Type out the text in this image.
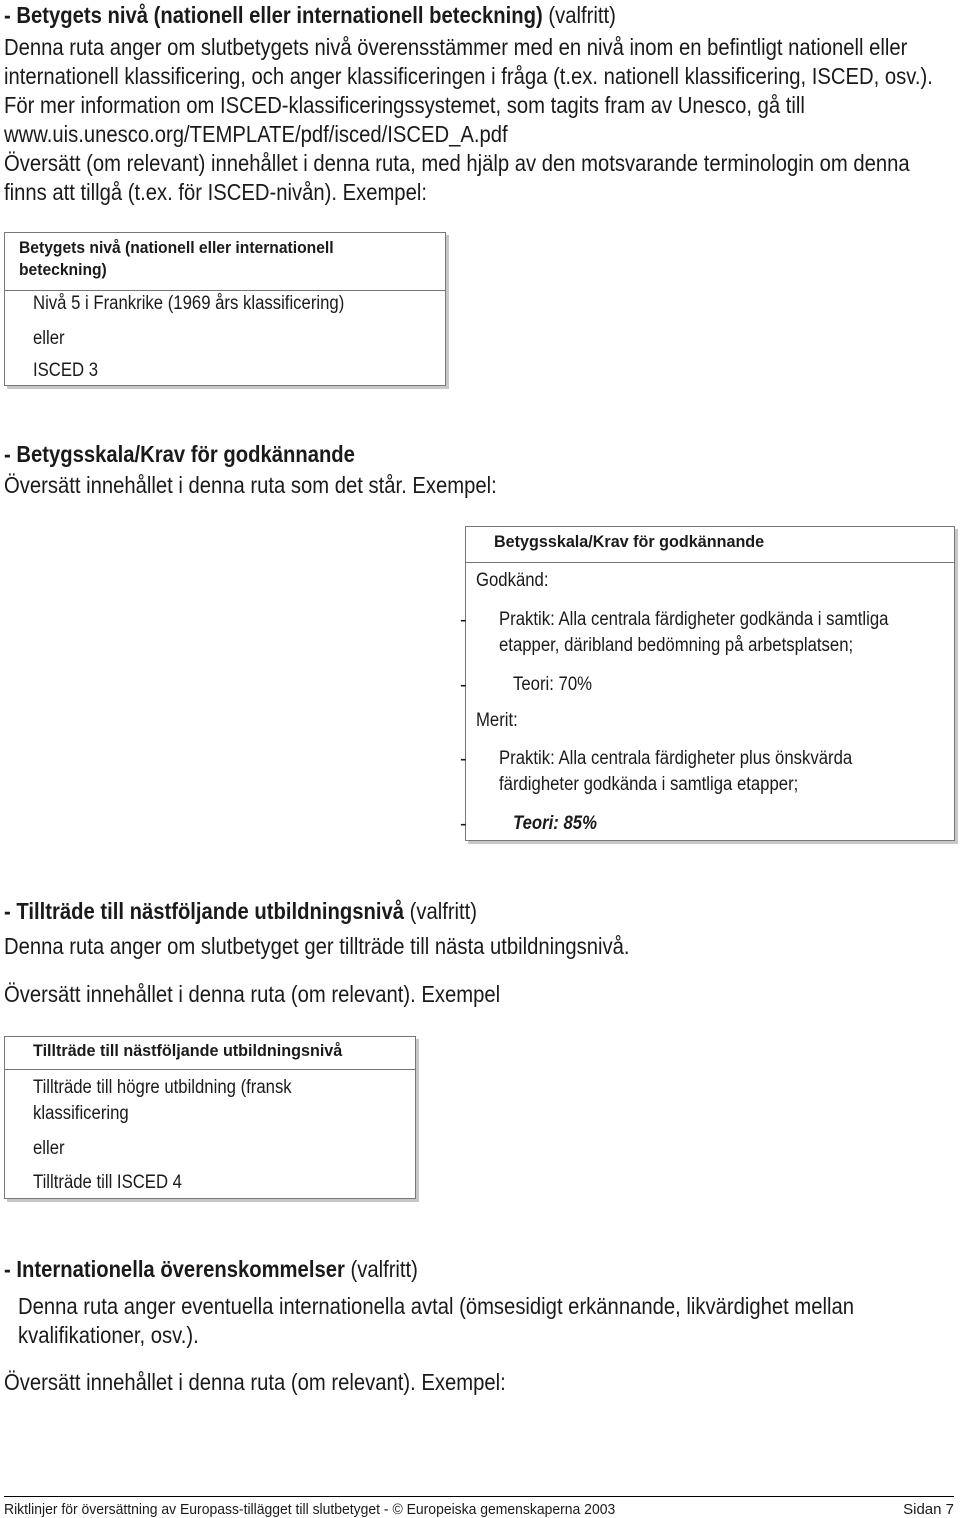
- Betygets nivå (nationell eller internationell beteckning) (valfritt)
Denna ruta anger om slutbetygets nivå överensstämmer med en nivå inom en befintligt nationell eller
internationell klassificering, och anger klassificeringen i fråga (t.ex. nationell klassificering, ISCED, osv.).
För mer information om ISCED-klassificeringssystemet, som tagits fram av Unesco, gå till
www.uis.unesco.org/TEMPLATE/pdf/isced/ISCED_A.pdf
Översätt (om relevant) innehållet i denna ruta, med hjälp av den motsvarande terminologin om denna
finns att tillgå (t.ex. för ISCED-nivån). Exempel:
Betygets nivå (nationell eller internationell
beteckning)
Nivå 5 i Frankrike (1969 års klassificering)
eller
ISCED 3
- Betygsskala/Krav för godkännande
Översätt innehållet i denna ruta som det står. Exempel:
Betygsskala/Krav för godkännande
Godkänd:
- Praktik: Alla centrala färdigheter godkända i samtliga
etapper, däribland bedömning på arbetsplatsen;
- Teori: 70%
Merit:
- Praktik: Alla centrala färdigheter plus önskvärda
färdigheter godkända i samtliga etapper;
- Teori: 85%
- Tillträde till nästföljande utbildningsnivå (valfritt)
Denna ruta anger om slutbetyget ger tillträde till nästa utbildningsnivå.
Översätt innehållet i denna ruta (om relevant). Exempel
Tillträde till nästföljande utbildningsnivå
Tillträde till högre utbildning (fransk
klassificering
eller
Tillträde till ISCED 4
- Internationella överenskommelser (valfritt)
Denna ruta anger eventuella internationella avtal (ömsesidigt erkännande, likvärdighet mellan
kvalifikationer, osv.).
Översätt innehållet i denna ruta (om relevant). Exempel:
Riktlinjer för översättning av Europass-tillägget till slutbetyget - © Europeiska gemenskaperna 2003	Sidan 7
